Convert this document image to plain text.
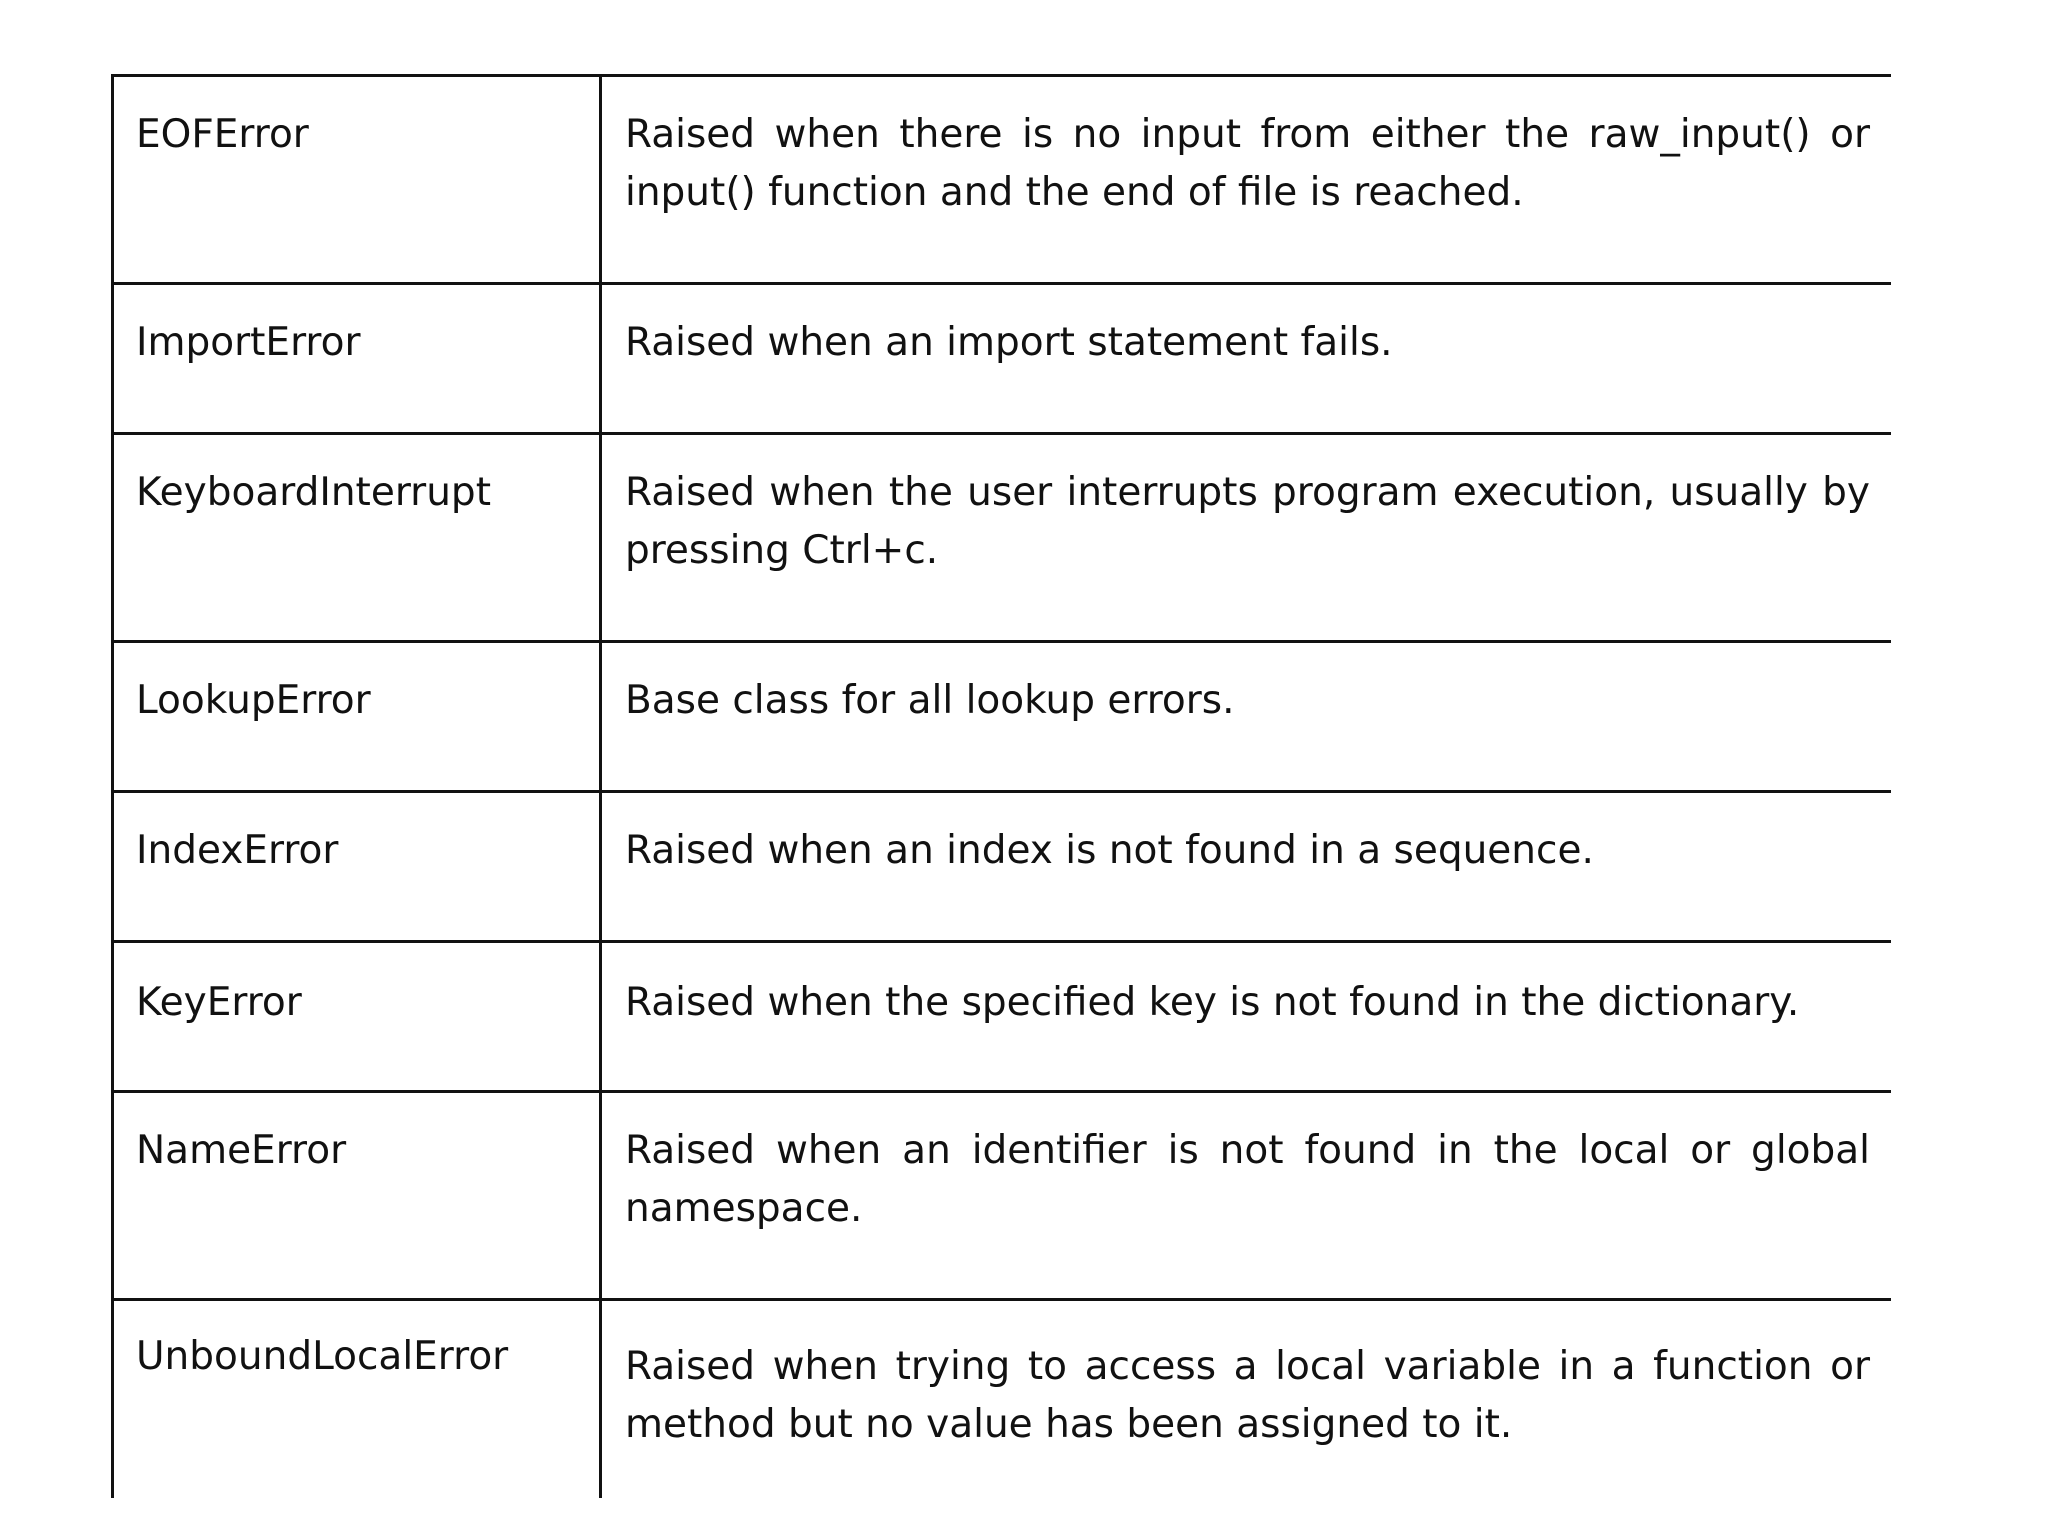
EOFError	Raised when there is no input from either the raw_input() or input() function and the end of file is reached.
ImportError	Raised when an import statement fails.
KeyboardInterrupt	Raised when the user interrupts program execution, usually by pressing Ctrl+c.
LookupError	Base class for all lookup errors.
IndexError	Raised when an index is not found in a sequence.
KeyError	Raised when the specified key is not found in the dictionary.
NameError	Raised when an identifier is not found in the local or global namespace.
UnboundLocalError	Raised when trying to access a local variable in a function or method but no value has been assigned to it.
